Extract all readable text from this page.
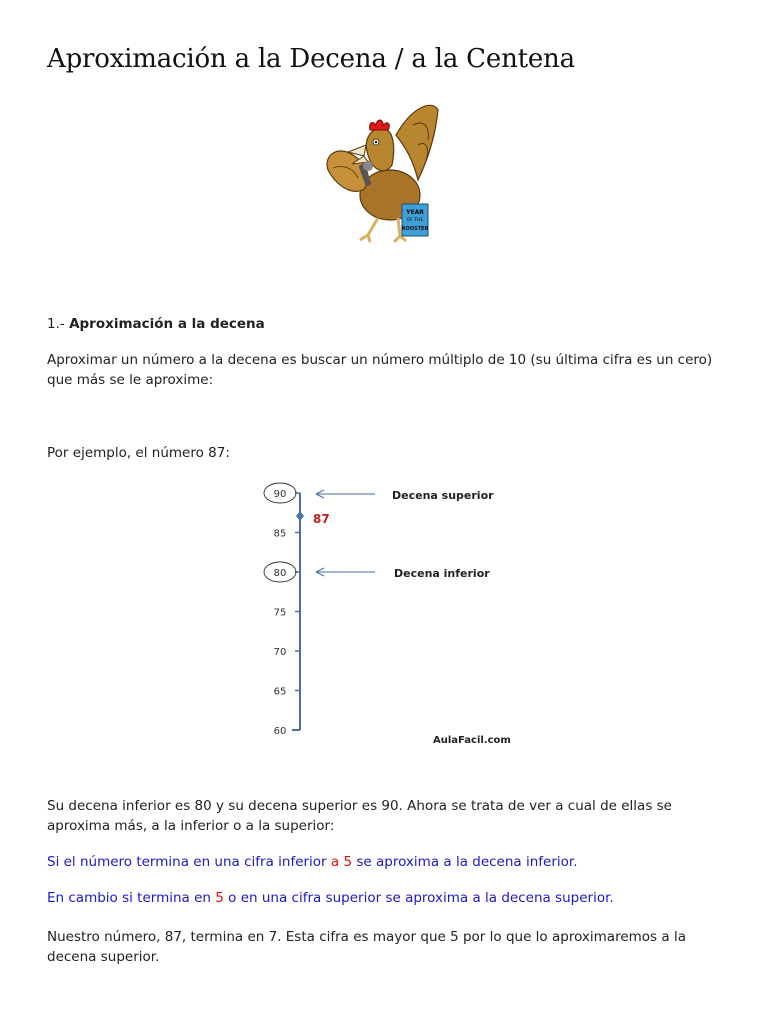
Aproximación a la Decena / a la Centena
YEAR
OF THE
ROOSTER
1.- Aproximación a la decena
Aproximar un número a la decena es buscar un número múltiplo de 10 (su última cifra es un cero) que más se le aproxime:
Por ejemplo, el número 87:
90
85
80
75
70
65
60
87
Decena superior
Decena inferior
AulaFacil.com
Su decena inferior es 80 y su decena superior es 90. Ahora se trata de ver a cual de ellas se aproxima más, a la inferior o a la superior:
Si el número termina en una cifra inferior a 5 se aproxima a la decena inferior.
En cambio si termina en 5 o en una cifra superior se aproxima a la decena superior.
Nuestro número, 87, termina en 7. Esta cifra es mayor que 5 por lo que lo aproximaremos a la decena superior.
